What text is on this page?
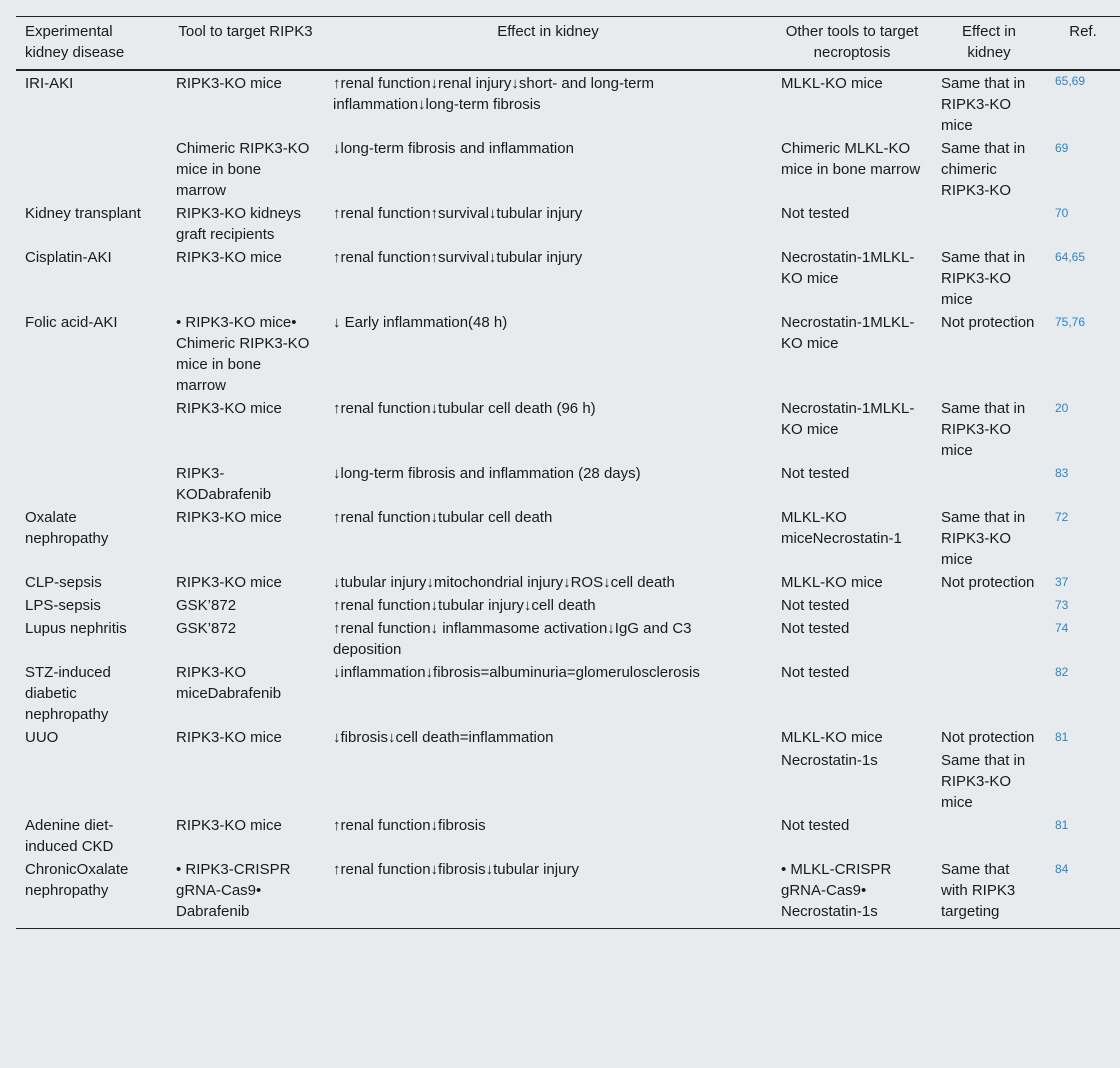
Experimental kidney disease	Tool to target RIPK3	Effect in kidney	Other tools to target necroptosis	Effect in kidney	Ref.
IRI-AKI	RIPK3-KO mice	↑renal function↓renal injury↓short- and long-term inflammation↓long-term fibrosis	MLKL-KO mice	Same that in RIPK3-KO mice	65,69
	Chimeric RIPK3-KO mice in bone marrow	↓long-term fibrosis and inflammation	Chimeric MLKL-KO mice in bone marrow	Same that in chimeric RIPK3-KO	69
Kidney transplant	RIPK3-KO kidneys graft recipients	↑renal function↑survival↓tubular injury	Not tested		70
Cisplatin-AKI	RIPK3-KO mice	↑renal function↑survival↓tubular injury	Necrostatin-1MLKL-KO mice	Same that in RIPK3-KO mice	64,65
Folic acid-AKI	• RIPK3-KO mice• Chimeric RIPK3-KO mice in bone marrow	↓ Early inflammation(48 h)	Necrostatin-1MLKL-KO mice	Not protection	75,76
	RIPK3-KO mice	↑renal function↓tubular cell death (96 h)	Necrostatin-1MLKL-KO mice	Same that in RIPK3-KO mice	20
	RIPK3-KODabrafenib	↓long-term fibrosis and inflammation (28 days)	Not tested		83
Oxalate nephropathy	RIPK3-KO mice	↑renal function↓tubular cell death	MLKL-KO miceNecrostatin-1	Same that in RIPK3-KO mice	72
CLP-sepsis	RIPK3-KO mice	↓tubular injury↓mitochondrial injury↓ROS↓cell death	MLKL-KO mice	Not protection	37
LPS-sepsis	GSK’872	↑renal function↓tubular injury↓cell death	Not tested		73
Lupus nephritis	GSK’872	↑renal function↓ inflammasome activation↓IgG and C3 deposition	Not tested		74
STZ-induced diabetic nephropathy	RIPK3-KO miceDabrafenib	↓inflammation↓fibrosis=albuminuria=glomerulosclerosis	Not tested		82
UUO	RIPK3-KO mice	↓fibrosis↓cell death=inflammation	MLKL-KO mice	Not protection	81
			Necrostatin-1s	Same that in RIPK3-KO mice	
Adenine diet-induced CKD	RIPK3-KO mice	↑renal function↓fibrosis	Not tested		81
ChronicOxalate nephropathy	• RIPK3-CRISPR gRNA-Cas9• Dabrafenib	↑renal function↓fibrosis↓tubular injury	• MLKL-CRISPR gRNA-Cas9• Necrostatin-1s	Same that with RIPK3 targeting	84
